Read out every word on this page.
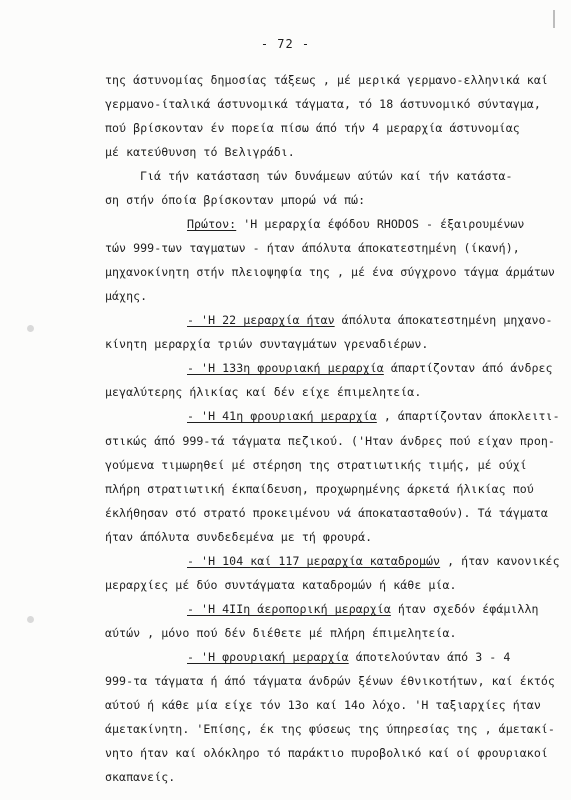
- 72 -
της άστυνομίας δημοσίας τάξεως , μέ μερικά γερμανο-ελληνικά καί
γερμανο-ίταλικά άστυνομικά τάγματα, τό 18 άστυνομικό σύνταγμα,
πού βρίσκονταν έν πορεία πίσω άπό τήν 4 μεραρχία άστυνομίας
μέ κατεύθυνση τό Βελιγράδι.
Γιά τήν κατάσταση τών δυνάμεων αύτών καί τήν κατάστα-
ση στήν όποία βρίσκονταν μπορώ νά πώ:
Πρώτον: 'Η μεραρχία έφόδου RHODOS - έξαιρουμένων
τών 999-των ταγματων - ήταν άπόλυτα άποκατεστημένη (ίκανή),
μηχανοκίνητη στήν πλειοψηφία της , μέ ένα σύγχρονο τάγμα άρμάτων
μάχης.
- 'Η 22 μεραρχία ήταν άπόλυτα άποκατεστημένη μηχανο-
κίνητη μεραρχία τριών συνταγμάτων γρεναδιέρων.
- 'Η 133η φρουριακή μεραρχία άπαρτίζονταν άπό άνδρες
μεγαλύτερης ήλικίας καί δέν είχε έπιμελητεία.
- 'Η 41η φρουριακή μεραρχία , άπαρτίζονταν άποκλειτι-
στικώς άπό 999-τά τάγματα πεζικού. ('Ηταν άνδρες πού είχαν προη-
γούμενα τιμωρηθεί μέ στέρηση της στρατιωτικής τιμής, μέ ούχί
πλήρη στρατιωτική έκπαίδευση, προχωρημένης άρκετά ήλικίας πού
έκλήθησαν στό στρατό προκειμένου νά άποκατασταθούν). Τά τάγματα
ήταν άπόλυτα συνδεδεμένα με τή φρουρά.
- 'Η 104 καί 117 μεραρχία καταδρομών , ήταν κανονικές
μεραρχίες μέ δύο συντάγματα καταδρομών ή κάθε μία.
- 'Η 4ΙΙη άεροπορική μεραρχία ήταν σχεδόν έφάμιλλη
αύτών , μόνο πού δέν διέθετε μέ πλήρη έπιμελητεία.
- 'Η φρουριακή μεραρχία άποτελούνταν άπό 3 - 4
999-τα τάγματα ή άπό τάγματα άνδρών ξένων έθνικοτήτων, καί έκτός
αύτού ή κάθε μία είχε τόν 13ο καί 14ο λόχο. 'Η ταξιαρχίες ήταν
άμετακίνητη. 'Επίσης, έκ της φύσεως της ύπηρεσίας της , άμετακί-
νητο ήταν καί ολόκληρο τό παράκτιο πυροβολικό καί οί φρουριακοί
σκαπανείς.
